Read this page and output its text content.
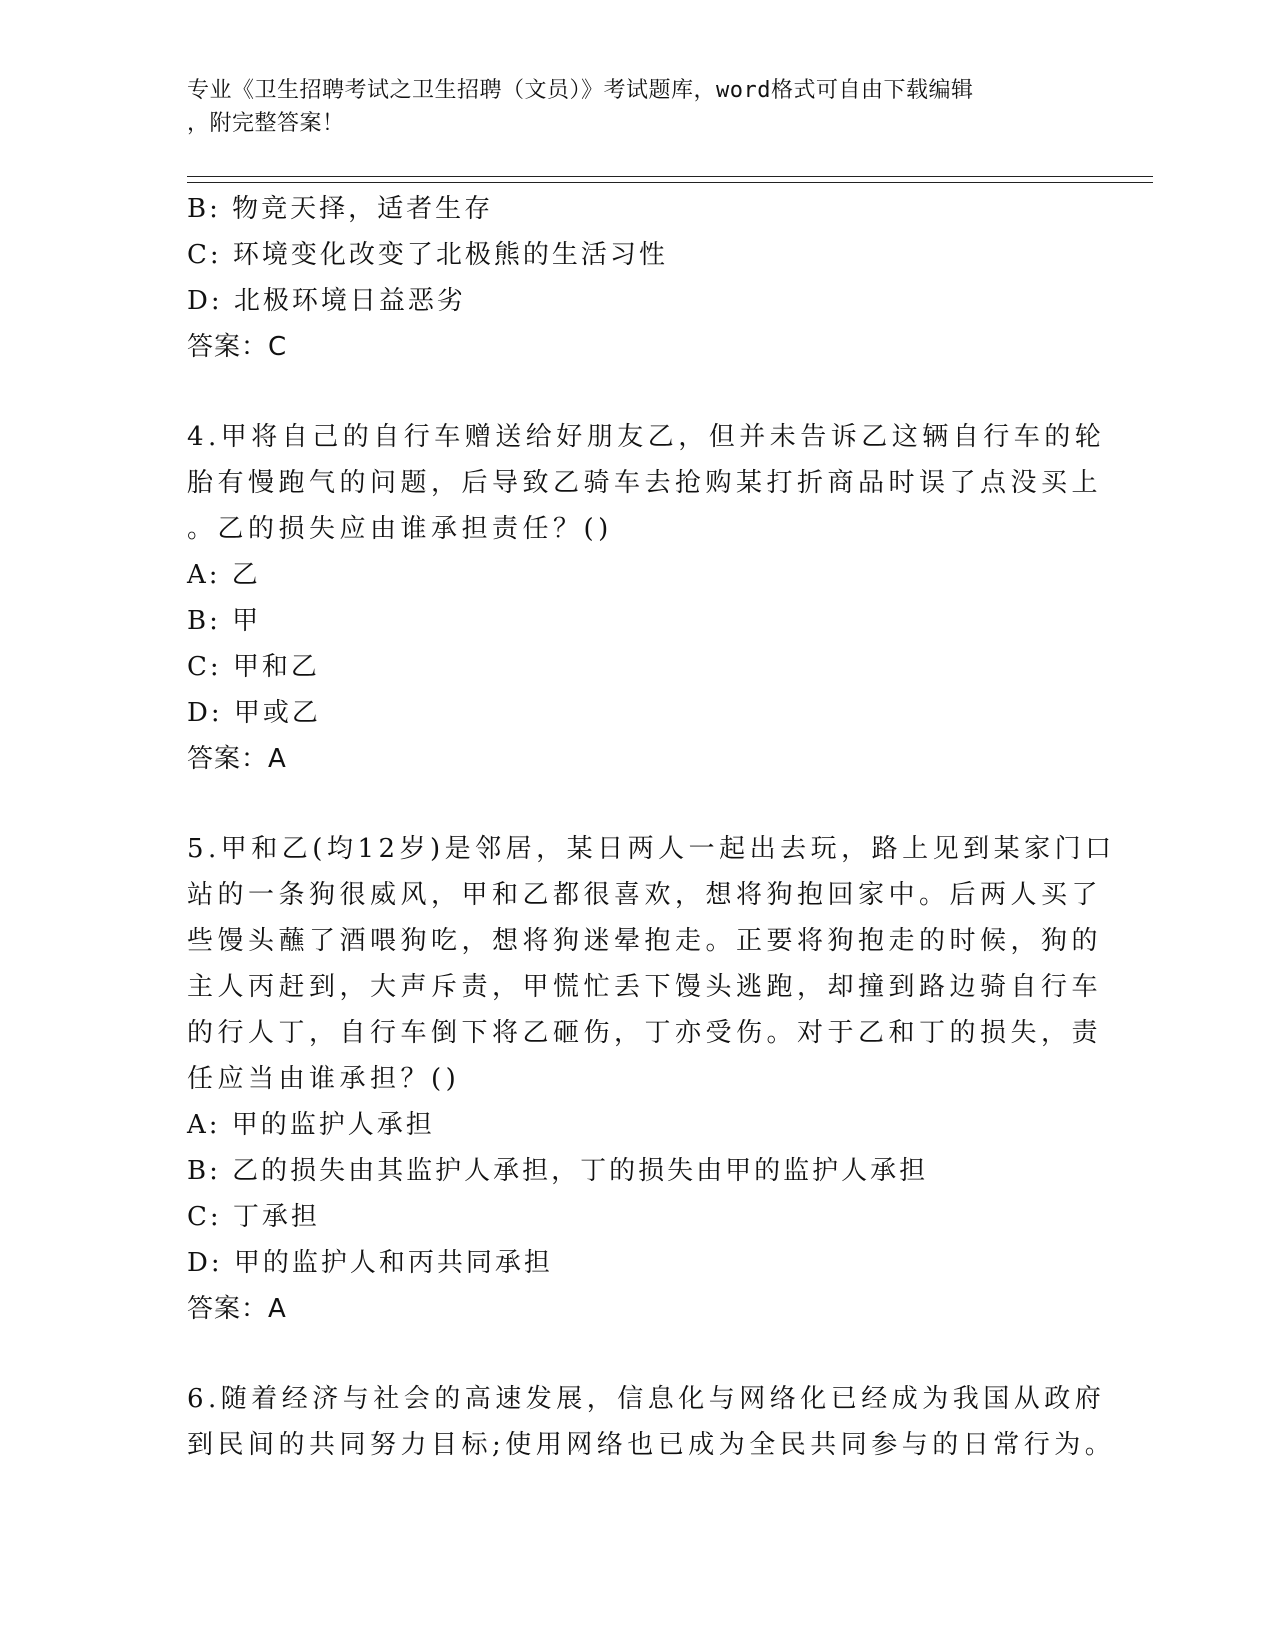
专业《卫生招聘考试之卫生招聘（文员）》考试题库，word格式可自由下载编辑
，附完整答案！
B: 物竞天择，适者生存
C: 环境变化改变了北极熊的生活习性
D: 北极环境日益恶劣
答案：C
4.甲将自己的自行车赠送给好朋友乙，但并未告诉乙这辆自行车的轮
胎有慢跑气的问题，后导致乙骑车去抢购某打折商品时误了点没买上
。乙的损失应由谁承担责任？()
A: 乙
B: 甲
C: 甲和乙
D: 甲或乙
答案：A
5.甲和乙(均12岁)是邻居，某日两人一起出去玩，路上见到某家门口
站的一条狗很威风，甲和乙都很喜欢，想将狗抱回家中。后两人买了
些馒头蘸了酒喂狗吃，想将狗迷晕抱走。正要将狗抱走的时候，狗的
主人丙赶到，大声斥责，甲慌忙丢下馒头逃跑，却撞到路边骑自行车
的行人丁，自行车倒下将乙砸伤，丁亦受伤。对于乙和丁的损失，责
任应当由谁承担？()
A: 甲的监护人承担
B: 乙的损失由其监护人承担，丁的损失由甲的监护人承担
C: 丁承担
D: 甲的监护人和丙共同承担
答案：A
6.随着经济与社会的高速发展，信息化与网络化已经成为我国从政府
到民间的共同努力目标;使用网络也已成为全民共同参与的日常行为。
